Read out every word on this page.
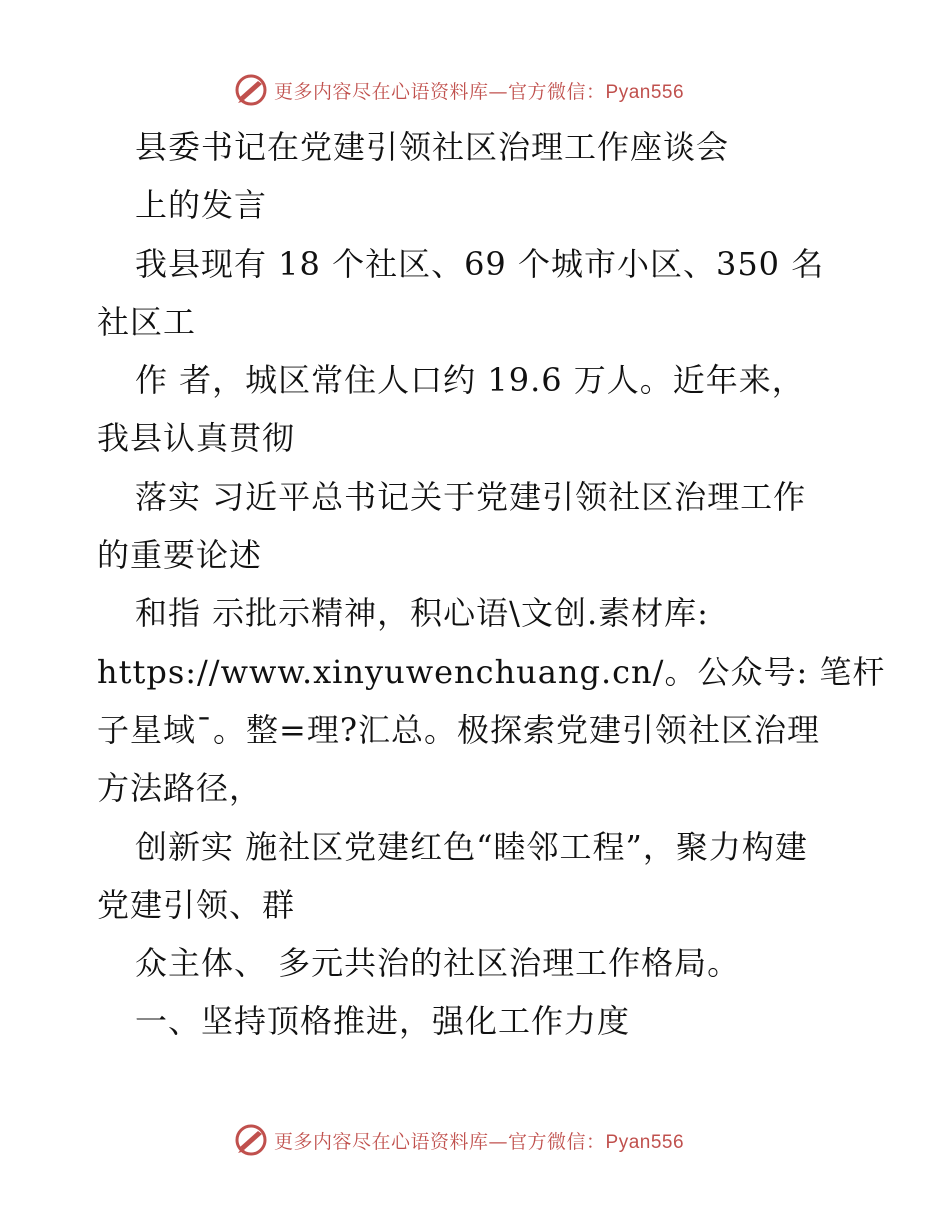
更多内容尽在心语资料库—官方微信：Pyan556
县委书记在党建引领社区治理工作座谈会
上的发言
我县现有 18 个社区、69 个城市小区、350 名
社区工
作 者，城区常住人口约 19.6 万人。近年来，
我县认真贯彻
落实 习近平总书记关于党建引领社区治理工作
的重要论述
和指 示批示精神，积心语\文创.素材库:
https://www.xinyuwenchuang.cn/。公众号: 笔杆
子星域¯。整=理?汇总。极探索党建引领社区治理
方法路径，
创新实 施社区党建红色“睦邻工程”，聚力构建
党建引领、群
众主体、 多元共治的社区治理工作格局。
一、坚持顶格推进，强化工作力度
更多内容尽在心语资料库—官方微信：Pyan556
